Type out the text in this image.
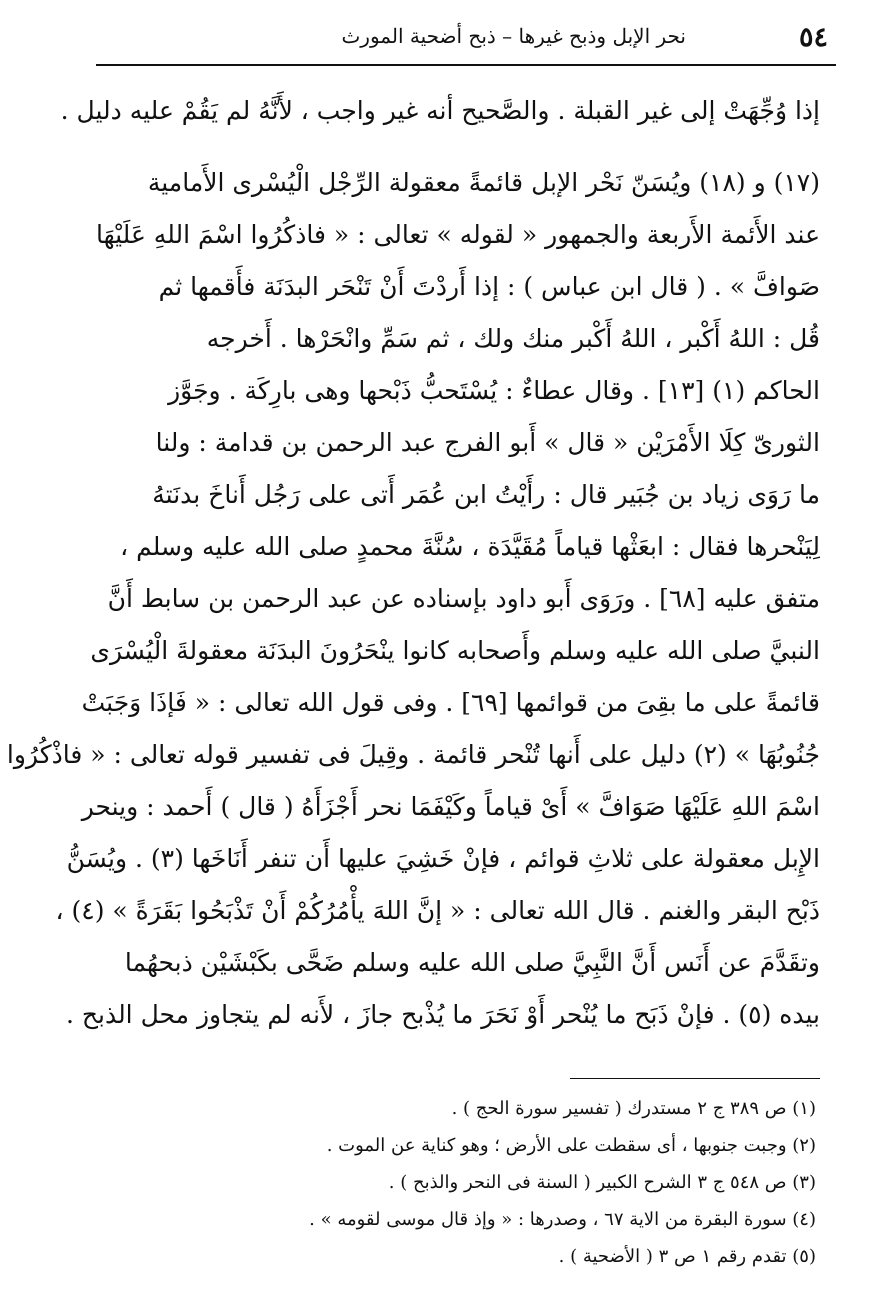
٥٤
نحر الإبل وذبح غيرها – ذبح أضحية المورث
إذا وُجِّهَتْ إلى غير القبلة . والصَّحيح أنه غير واجب ، لأَنَّهُ لم يَقُمْ عليه دليل .
(١٧) و (١٨) ويُسَنّ نَحْر الإبل قائمةً معقولة الرِّجْل الْيُسْرى الأَمامية
عند الأَئمة الأَربعة والجمهور « لقوله » تعالى : « فاذكُرُوا اسْمَ اللهِ عَلَيْهَا
صَوافَّ » . ( قال ابن عباس ) : إذا أَردْتَ أَنْ تَنْحَر البدَنَة فأَقمها ثم
قُل : اللهُ أَكْبر ، اللهُ أَكْبر منك ولك ، ثم سَمِّ وانْحَرْها . أَخرجه
الحاكم (١) [١٣] . وقال عطاءٌ : يُسْتَحبُّ ذَبْحها وهى بارِكَة . وجَوَّز
الثورىّ كِلَا الأَمْرَيْن « قال » أَبو الفرج عبد الرحمن بن قدامة : ولنا
ما رَوَى زياد بن جُبَير قال : رأَيْتُ ابن عُمَر أَتى على رَجُل أَناخَ بدنَتهُ
لِيَنْحرها فقال : ابعَثْها قياماً مُقَيَّدَة ، سُنَّةَ محمدٍ صلى الله عليه وسلم ،
متفق عليه [٦٨] . ورَوَى أَبو داود بإسناده عن عبد الرحمن بن سابط أَنَّ
النبيَّ صلى الله عليه وسلم وأَصحابه كانوا ينْحَرُونَ البدَنَة معقولةَ الْيُسْرَى
قائمةً على ما بقِىَ من قوائمها [٦٩] . وفى قول الله تعالى : « فَإذَا وَجَبَتْ
جُنُوبُهَا » (٢) دليل على أَنها تُنْحر قائمة . وقِيلَ فى تفسير قوله تعالى : « فاذْكُرُوا
اسْمَ اللهِ عَلَيْهَا صَوَافَّ » أَىْ قياماً وكَيْفَمَا نحر أَجْزَأَهُ ( قال ) أَحمد : وينحر
الإِبل معقولة على ثلاثِ قوائم ، فإنْ خَشِيَ عليها أَن تنفر أَنَاخَها (٣) . ويُسَنُّ
ذَبْح البقر والغنم . قال الله تعالى : « إنَّ اللهَ يأْمُرُكُمْ أَنْ تَذْبَحُوا بَقَرَةً » (٤) ،
وتقَدَّمَ عن أَنَس أَنَّ النَّبِيَّ صلى الله عليه وسلم ضَحَّى بكَبْشَيْن ذبحهُما
بيده (٥) . فإنْ ذَبَح ما يُنْحر أَوْ نَحَرَ ما يُذْبح جازَ ، لأَنه لم يتجاوز محل الذبح .
(١) ص ٣٨٩ ج ٢ مستدرك ( تفسير سورة الحج ) .
(٢) وجبت جنوبها ، أى سقطت على الأرض ؛ وهو كناية عن الموت .
(٣) ص ٥٤٨ ج ٣ الشرح الكبير ( السنة فى النحر والذبح ) .
(٤) سورة البقرة من الاية ٦٧ ، وصدرها : « وإذ قال موسى لقومه » .
(٥) تقدم رقم ١ ص ٣ ( الأضحية ) .
